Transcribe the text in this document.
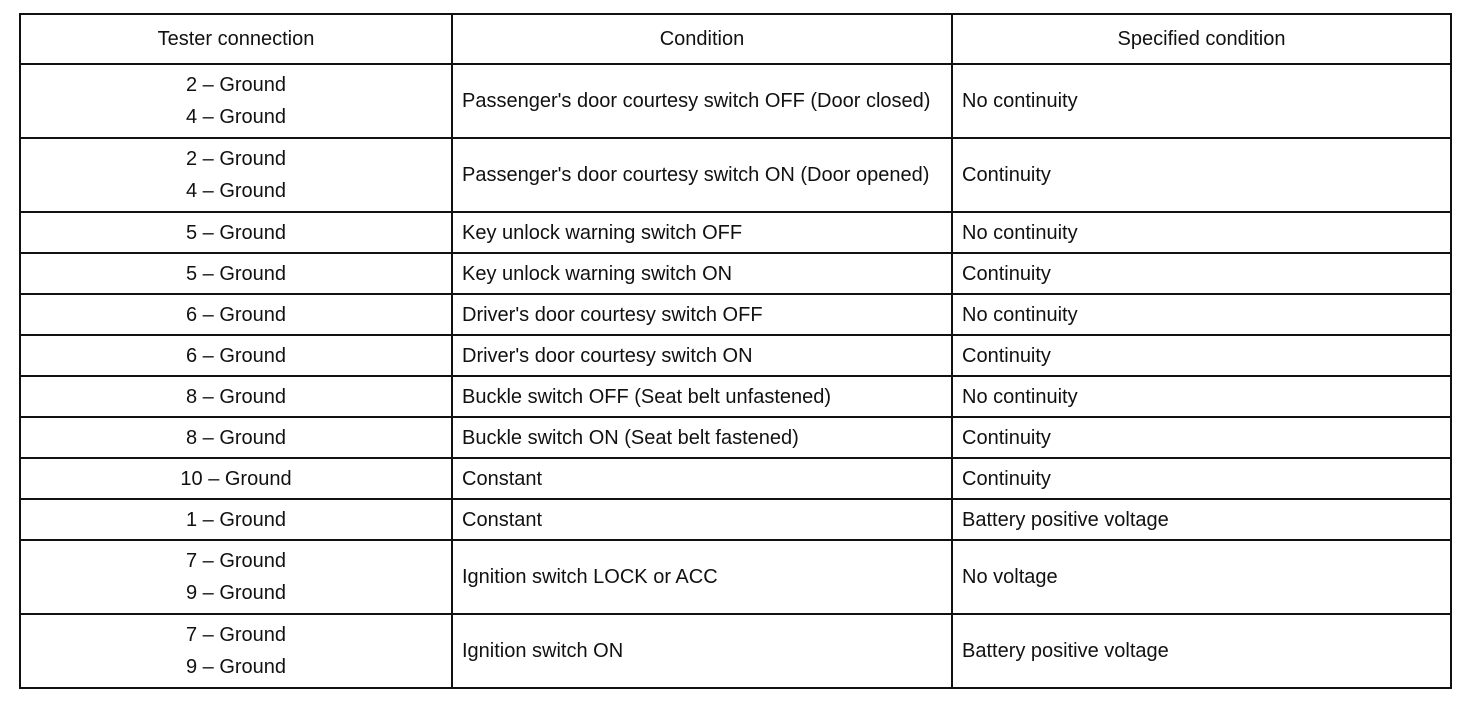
Tester connection	Condition	Specified condition

2 – Ground
4 – Ground	Passenger's door courtesy switch OFF (Door closed)	No continuity

2 – Ground
4 – Ground	Passenger's door courtesy switch ON (Door opened)	Continuity
5 – Ground	Key unlock warning switch OFF	No continuity
5 – Ground	Key unlock warning switch ON	Continuity
6 – Ground	Driver's door courtesy switch OFF	No continuity
6 – Ground	Driver's door courtesy switch ON	Continuity
8 – Ground	Buckle switch OFF (Seat belt unfastened)	No continuity
8 – Ground	Buckle switch ON (Seat belt fastened)	Continuity
10 – Ground	Constant	Continuity
1 – Ground	Constant	Battery positive voltage

7 – Ground
9 – Ground	Ignition switch LOCK or ACC	No voltage

7 – Ground
9 – Ground	Ignition switch ON	Battery positive voltage
